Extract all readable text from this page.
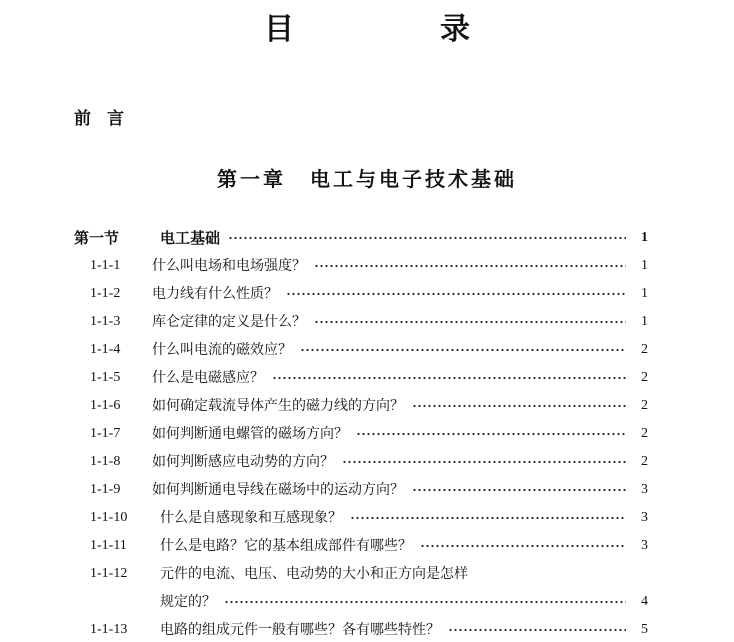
目　录
前言
第一章 电工与电子技术基础
第一节	电工基础	1
1-1-1	什么叫电场和电场强度？	1
1-1-2	电力线有什么性质？	1
1-1-3	库仑定律的定义是什么？	1
1-1-4	什么叫电流的磁效应？	2
1-1-5	什么是电磁感应？	2
1-1-6	如何确定载流导体产生的磁力线的方向？	2
1-1-7	如何判断通电螺管的磁场方向？	2
1-1-8	如何判断感应电动势的方向？	2
1-1-9	如何判断通电导线在磁场中的运动方向？	3
1-1-10	什么是自感现象和互感现象？	3
1-1-11	什么是电路？它的基本组成部件有哪些？	3
1-1-12	元件的电流、电压、电动势的大小和正方向是怎样
规定的？	4
1-1-13	电路的组成元件一般有哪些？各有哪些特性？	5
